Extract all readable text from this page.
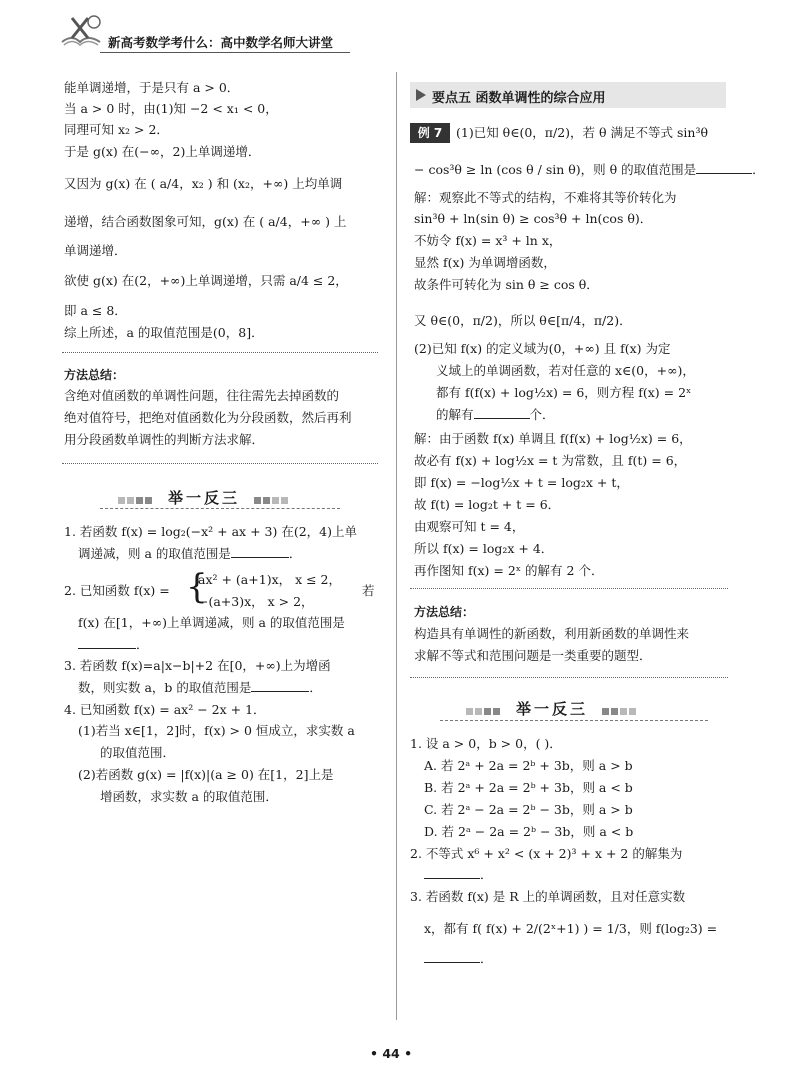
新高考数学考什么：高中数学名师大讲堂
能单调递增，于是只有 a > 0．
当 a > 0 时，由(1)知 −2 < x₁ < 0，
同理可知 x₂ > 2．
于是 g(x) 在(−∞，2)上单调递增．
又因为 g(x) 在 ( a/4，x₂ ) 和 (x₂，+∞) 上均单调
递增，结合函数图象可知，g(x) 在 ( a/4，+∞ ) 上
单调递增．
欲使 g(x) 在(2，+∞)上单调递增，只需 a/4 ≤ 2，
即 a ≤ 8．
综上所述，a 的取值范围是(0，8]．
方法总结：
含绝对值函数的单调性问题，往往需先去掉函数的
绝对值符号，把绝对值函数化为分段函数，然后再利
用分段函数单调性的判断方法求解．
举一反三
1. 若函数 f(x) = log₂(−x² + ax + 3) 在(2，4)上单
调递减，则 a 的取值范围是	．
2. 已知函数 f(x) = {
ax² + (a+1)x， x ≤ 2，
−(a+3)x， x > 2，
若
f(x) 在[1，+∞)上单调递减，则 a 的取值范围是
．
3. 若函数 f(x)=a|x−b|+2 在[0，+∞)上为增函
数，则实数 a，b 的取值范围是	．
4. 已知函数 f(x) = ax² − 2x + 1．
(1)若当 x∈[1，2]时，f(x) > 0 恒成立，求实数 a
的取值范围．
(2)若函数 g(x) = |f(x)|(a ≥ 0) 在[1，2]上是
增函数，求实数 a 的取值范围．
要点五 函数单调性的综合应用
例 7	(1)已知 θ∈(0，π/2)，若 θ 满足不等式 sin³θ
− cos³θ ≥ ln (cos θ / sin θ)，则 θ 的取值范围是	．
解：观察此不等式的结构，不难将其等价转化为
sin³θ + ln(sin θ) ≥ cos³θ + ln(cos θ)．
不妨令 f(x) = x³ + ln x，
显然 f(x) 为单调增函数，
故条件可转化为 sin θ ≥ cos θ．
又 θ∈(0，π/2)，所以 θ∈[π/4，π/2)．
(2)已知 f(x) 的定义域为(0，+∞) 且 f(x) 为定
义域上的单调函数，若对任意的 x∈(0，+∞)，
都有 f(f(x) + log½x) = 6，则方程 f(x) = 2ˣ
的解有	个．
解：由于函数 f(x) 单调且 f(f(x) + log½x) = 6，
故必有 f(x) + log½x = t 为常数，且 f(t) = 6，
即 f(x) = −log½x + t = log₂x + t，
故 f(t) = log₂t + t = 6．
由观察可知 t = 4，
所以 f(x) = log₂x + 4．
再作图知 f(x) = 2ˣ 的解有 2 个．
方法总结：
构造具有单调性的新函数，利用新函数的单调性来
求解不等式和范围问题是一类重要的题型．
举一反三
1. 设 a > 0，b > 0，( )．
A. 若 2ᵃ + 2a = 2ᵇ + 3b，则 a > b
B. 若 2ᵃ + 2a = 2ᵇ + 3b，则 a < b
C. 若 2ᵃ − 2a = 2ᵇ − 3b，则 a > b
D. 若 2ᵃ − 2a = 2ᵇ − 3b，则 a < b
2. 不等式 x⁶ + x² < (x + 2)³ + x + 2 的解集为
．
3. 若函数 f(x) 是 R 上的单调函数，且对任意实数
x，都有 f( f(x) + 2/(2ˣ+1) ) = 1/3，则 f(log₂3) =
．
• 44 •
